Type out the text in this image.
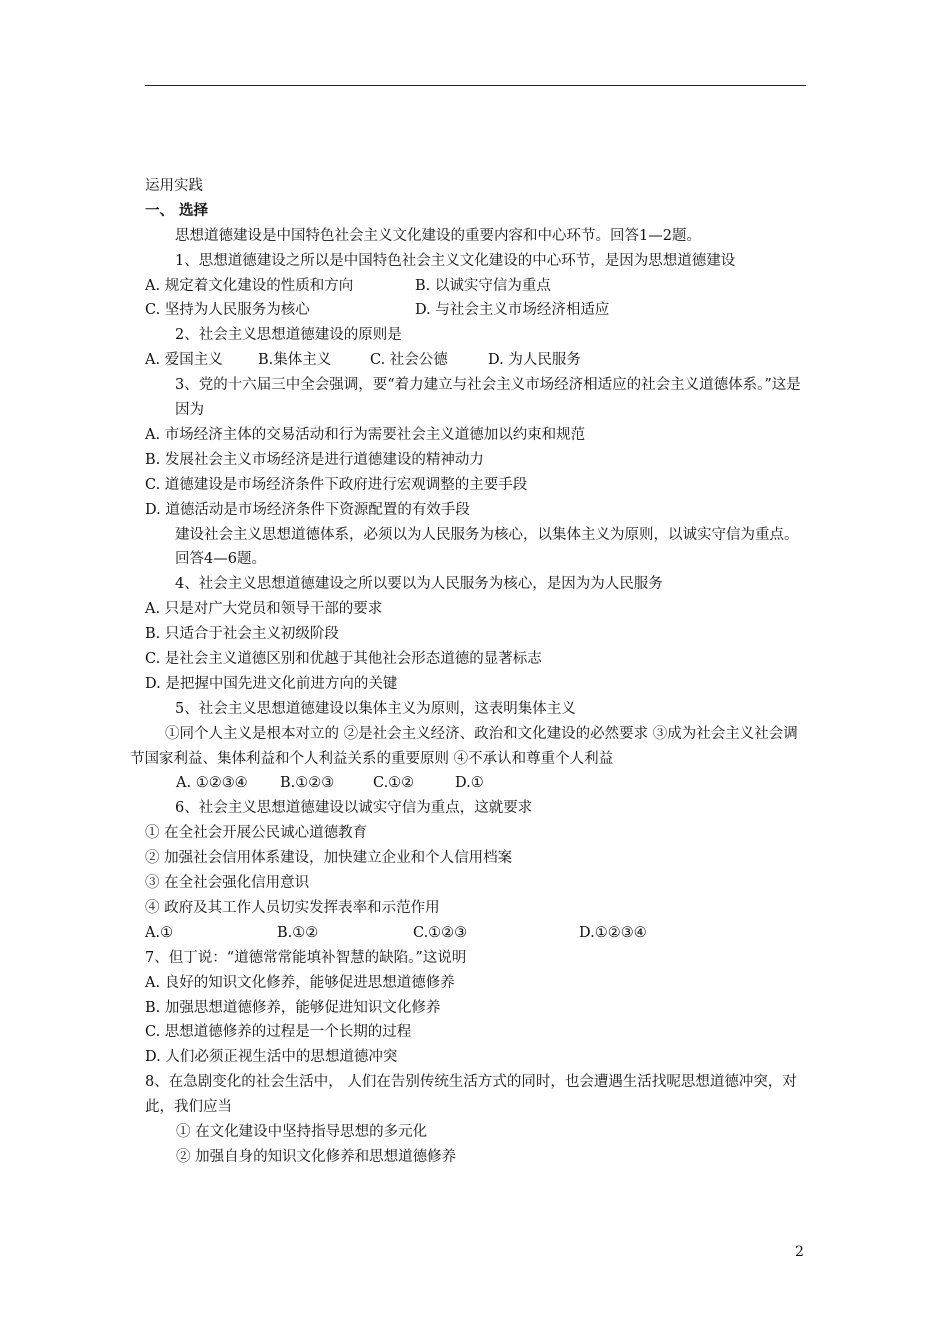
运用实践
一、 选择
思想道德建设是中国特色社会主义文化建设的重要内容和中心环节。回答1—2题。
1、思想道德建设之所以是中国特色社会主义文化建设的中心环节，是因为思想道德建设
A. 规定着文化建设的性质和方向	B. 以诚实守信为重点
C. 坚持为人民服务为核心	D. 与社会主义市场经济相适应
2、社会主义思想道德建设的原则是
A. 爱国主义 B.集体主义	C. 社会公德	D. 为人民服务
3、党的十六届三中全会强调，要“着力建立与社会主义市场经济相适应的社会主义道德体系。”这是因为
A. 市场经济主体的交易活动和行为需要社会主义道德加以约束和规范
B. 发展社会主义市场经济是进行道德建设的精神动力
C. 道德建设是市场经济条件下政府进行宏观调整的主要手段
D. 道德活动是市场经济条件下资源配置的有效手段
建设社会主义思想道德体系，必须以为人民服务为核心，以集体主义为原则，以诚实守信为重点。回答4—6题。
4、社会主义思想道德建设之所以要以为人民服务为核心，是因为为人民服务
A. 只是对广大党员和领导干部的要求
B. 只适合于社会主义初级阶段
C. 是社会主义道德区别和优越于其他社会形态道德的显著标志
D. 是把握中国先进文化前进方向的关键
5、社会主义思想道德建设以集体主义为原则，这表明集体主义
①同个人主义是根本对立的 ②是社会主义经济、政治和文化建设的必然要求 ③成为社会主义社会调节国家利益、集体利益和个人利益关系的重要原则 ④不承认和尊重个人利益
A. ①②③④ B.①②③	C.①②	D.①
6、社会主义思想道德建设以诚实守信为重点，这就要求
① 在全社会开展公民诚心道德教育
② 加强社会信用体系建设，加快建立企业和个人信用档案
③ 在全社会强化信用意识
④ 政府及其工作人员切实发挥表率和示范作用
A.①	B.①②	C.①②③	D.①②③④
7、但丁说：“道德常常能填补智慧的缺陷。”这说明
A. 良好的知识文化修养，能够促进思想道德修养
B. 加强思想道德修养，能够促进知识文化修养
C. 思想道德修养的过程是一个长期的过程
D. 人们必须正视生活中的思想道德冲突
8、在急剧变化的社会生活中， 人们在告别传统生活方式的同时，也会遭遇生活找呢思想道德冲突，对此，我们应当
① 在文化建设中坚持指导思想的多元化
② 加强自身的知识文化修养和思想道德修养
2
